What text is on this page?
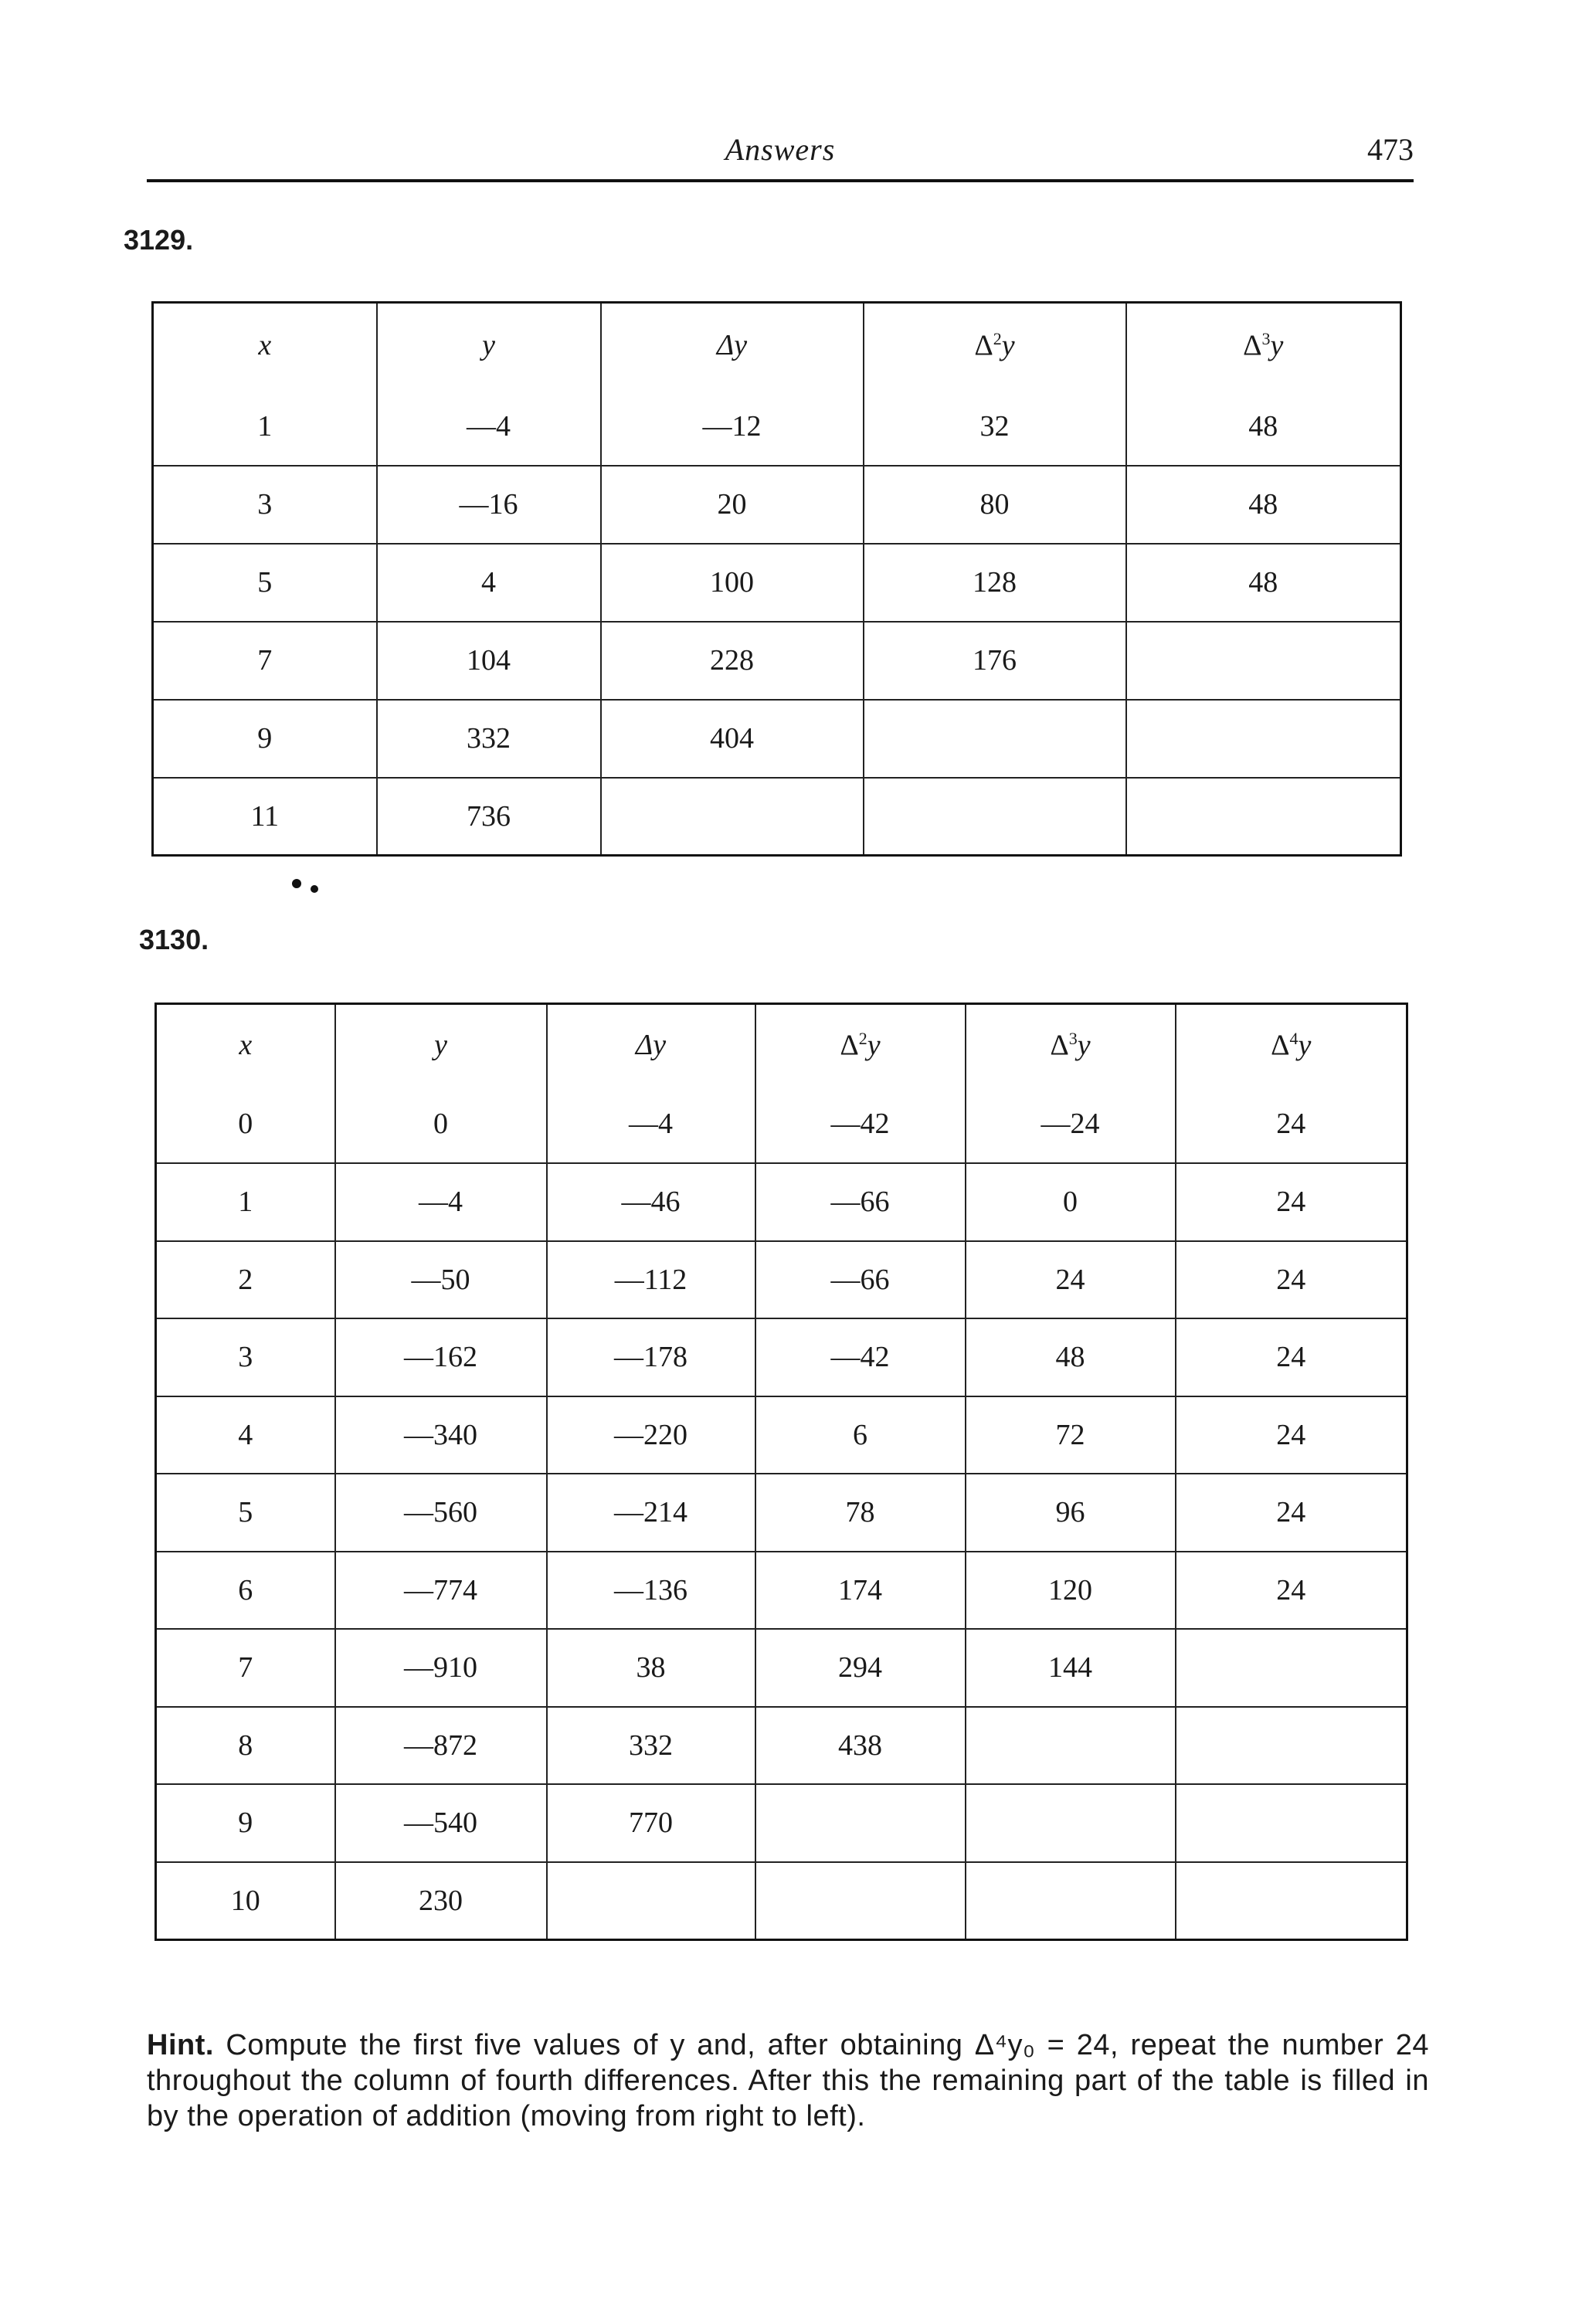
Answers	473
3129.
x	y	Δy	$\Delta^2y$	$\Delta^3y$
1	—4	—12	32	48
3	—16	20	80	48
5	4	100	128	48
7	104	228	176	
9	332	404		
11	736			
3130.
x	y	Δy	$\Delta^2y$	$\Delta^3y$	$\Delta^4y$
0	0	—4	—42	—24	24
1	—4	—46	—66	0	24
2	—50	—112	—66	24	24
3	—162	—178	—42	48	24
4	—340	—220	6	72	24
5	—560	—214	78	96	24
6	—774	—136	174	120	24
7	—910	38	294	144	
8	—872	332	438		
9	—540	770			
10	230				
Hint. Compute the first five values of y and, after obtaining Δ⁴y₀ = 24, repeat the number 24 throughout the column of fourth differences. After this the remaining part of the table is filled in by the operation of addition (moving from right to left).
